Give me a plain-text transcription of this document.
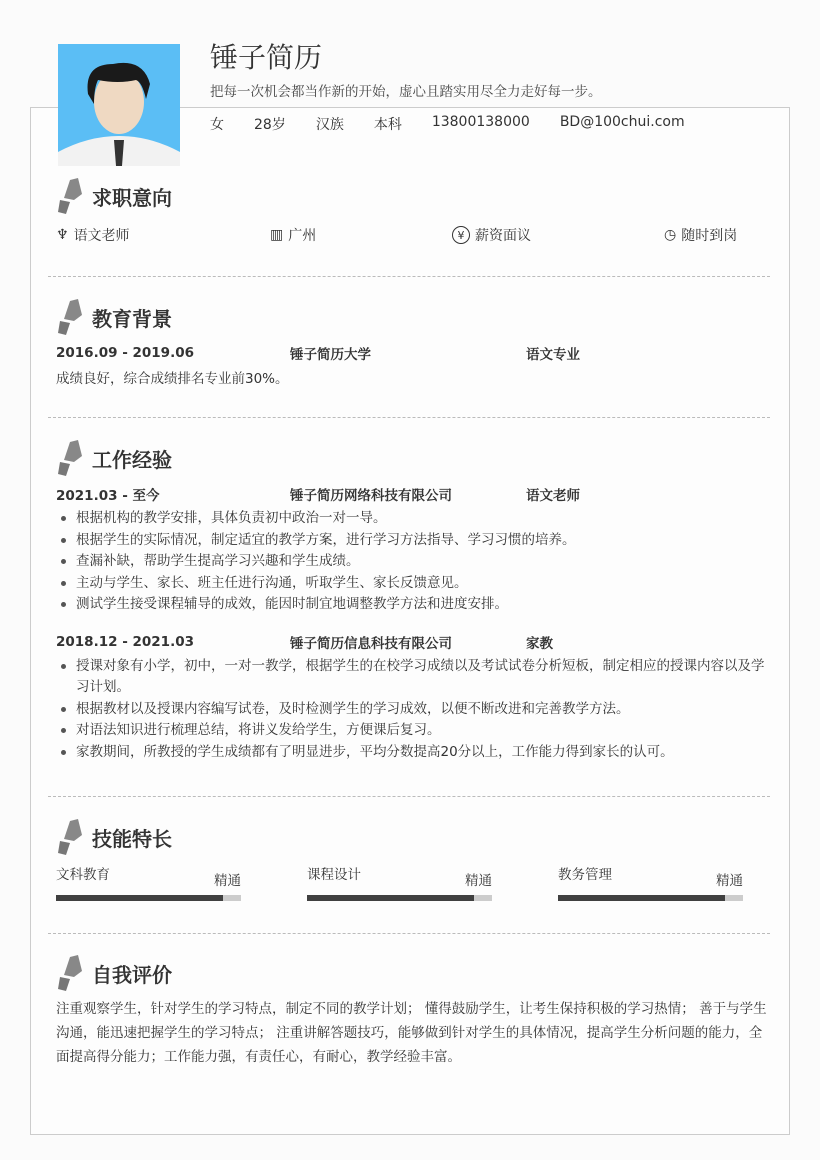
锤子简历
把每一次机会都当作新的开始，虚心且踏实用尽全力走好每一步。
女 28岁 汉族 本科 13800138000 BD@100chui.com
求职意向
♆ 语文老师	▥ 广州	¥ 薪资面议	◷ 随时到岗
教育背景
2016.09 - 2019.06	锤子简历大学	语文专业

成绩良好，综合成绩排名专业前30%。

工作经验
2021.03 - 至今	锤子简历网络科技有限公司	语文老师
根据机构的教学安排，具体负责初中政治一对一导。
根据学生的实际情况，制定适宜的教学方案，进行学习方法指导、学习习惯的培养。
查漏补缺，帮助学生提高学习兴趣和学生成绩。
主动与学生、家长、班主任进行沟通，听取学生、家长反馈意见。
测试学生接受课程辅导的成效，能因时制宜地调整教学方法和进度安排。
2018.12 - 2021.03	锤子简历信息科技有限公司	家教
授课对象有小学，初中，一对一教学，根据学生的在校学习成绩以及考试试卷分析短板，制定相应的授课内容以及学习计划。
根据教材以及授课内容编写试卷，及时检测学生的学习成效，以便不断改进和完善教学方法。
对语法知识进行梳理总结，将讲义发给学生，方便课后复习。
家教期间，所教授的学生成绩都有了明显进步，平均分数提高20分以上，工作能力得到家长的认可。
技能特长
文科教育	精通	课程设计	精通	教务管理	精通
自我评价

注重观察学生，针对学生的学习特点，制定不同的教学计划； 懂得鼓励学生，让考生保持积极的学习热情； 善于与学生沟通，能迅速把握学生的学习特点； 注重讲解答题技巧，能够做到针对学生的具体情况，提高学生分析问题的能力，全面提高得分能力；工作能力强，有责任心，有耐心，教学经验丰富。
